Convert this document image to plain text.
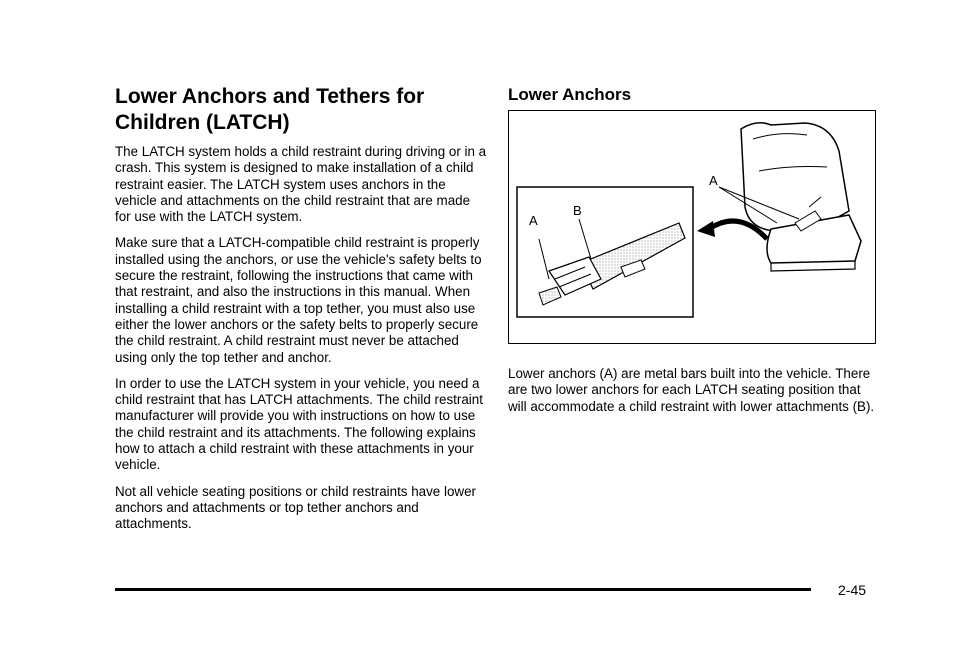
Lower Anchors and Tethers for Children (LATCH)

The LATCH system holds a child restraint during driving or in a crash. This system is designed to make installation of a child restraint easier. The LATCH system uses anchors in the vehicle and attachments on the child restraint that are made for use with the LATCH system.

Make sure that a LATCH-compatible child restraint is properly installed using the anchors, or use the vehicle's safety belts to secure the restraint, following the instructions that came with that restraint, and also the instructions in this manual. When installing a child restraint with a top tether, you must also use either the lower anchors or the safety belts to properly secure the child restraint. A child restraint must never be attached using only the top tether and anchor.

In order to use the LATCH system in your vehicle, you need a child restraint that has LATCH attachments. The child restraint manufacturer will provide you with instructions on how to use the child restraint and its attachments. The following explains how to attach a child restraint with these attachments in your vehicle.

Not all vehicle seating positions or child restraints have lower anchors and attachments or top tether anchors and attachments.

Lower Anchors
A
B
A

Lower anchors (A) are metal bars built into the vehicle. There are two lower anchors for each LATCH seating position that will accommodate a child restraint with lower attachments (B).

2-45
